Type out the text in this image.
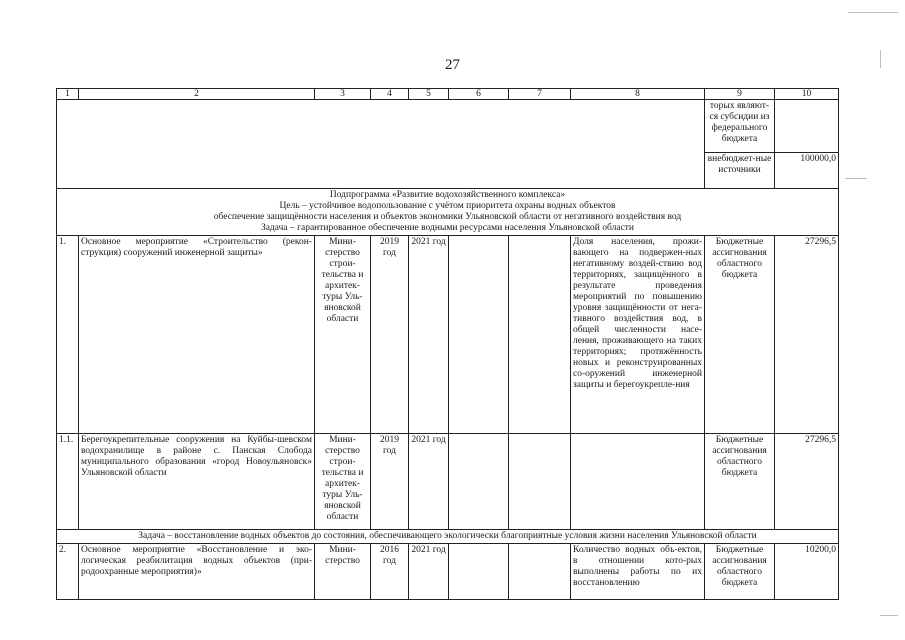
27
1	2	3	4	5	6	7	8	9	10
								торых являют-ся субсидии из федерального бюджета	
								внебюджет-ные источники	100000,0

Подпрограмма «Развитие водохозяйственного комплекса»
Цель – устойчивое водопользование с учётом приоритета охраны водных объектов
обеспечение защищённости населения и объектов экономики Ульяновской области от негативного воздействия вод
Задача – гарантированное обеспечение водными ресурсами населения Ульяновской области									

1.	Основное мероприятие «Строительство (рекон-струкция) сооружений инженерной защиты»	Мини-стерство строи-тельства и архитек-туры Уль-яновской области	2019 год	2021 год			Доля населения, прожи-вающего на подвержен-ных негативному воздей-ствию вод территориях, защищённого в результате проведения мероприятий по повышению уровня защищённости от нега-тивного воздействия вод, в общей численности насе-ления, проживающего на таких территориях; протяжённость новых и реконструированных со-оружений инженерной защиты и берегоукрепле-ния	Бюджетные ассигнования областного бюджета	27296,5
1.1.	Берегоукрепительные сооружения на Куйбы-шевском водохранилище в районе с. Панская Слобода муниципального образования «город Новоульяновск» Ульяновской области	Мини-стерство строи-тельства и архитек-туры Уль-яновской области	2019 год	2021 год				Бюджетные ассигнования областного бюджета	27296,5
Задача – восстановление водных объектов до состояния, обеспечивающего экологически благоприятные условия жизни населения Ульяновской области									
2.	Основное мероприятие «Восстановление и эко-логическая реабилитация водных объектов (при-родоохранные мероприятия)»	Мини-стерство	2016 год	2021 год			Количество водных объ-ектов, в отношении кото-рых выполнены работы по их восстановлению	Бюджетные ассигнования областного бюджета	10200,0
